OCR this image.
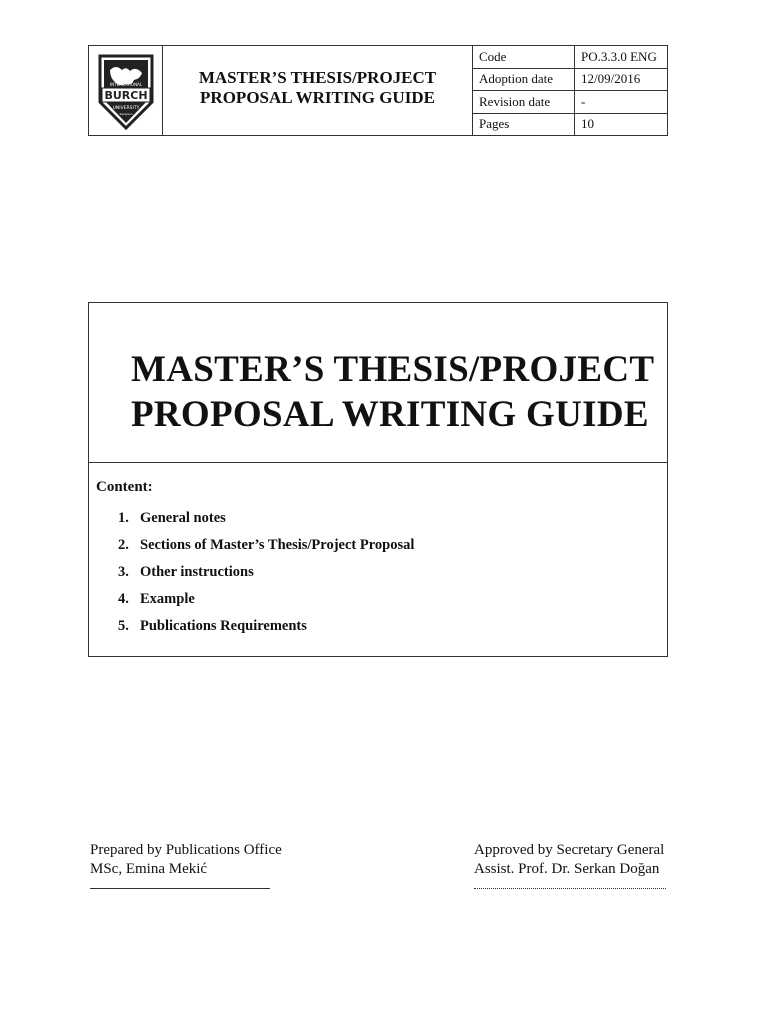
INTERNATIONAL
BURCH
UNIVERSITY
Sarajevo
MASTER’S THESIS/PROJECT
PROPOSAL WRITING GUIDE
Code	PO.3.3.0 ENG
Adoption date	12/09/2016
Revision date	-
Pages	10
MASTER’S THESIS/PROJECT
PROPOSAL WRITING GUIDE
Content:
1. General notes
2. Sections of Master’s Thesis/Project Proposal
3. Other instructions
4. Example
5. Publications Requirements
Prepared by Publications Office
MSc, Emina Mekić
Approved by Secretary General
Assist. Prof. Dr. Serkan Doğan
